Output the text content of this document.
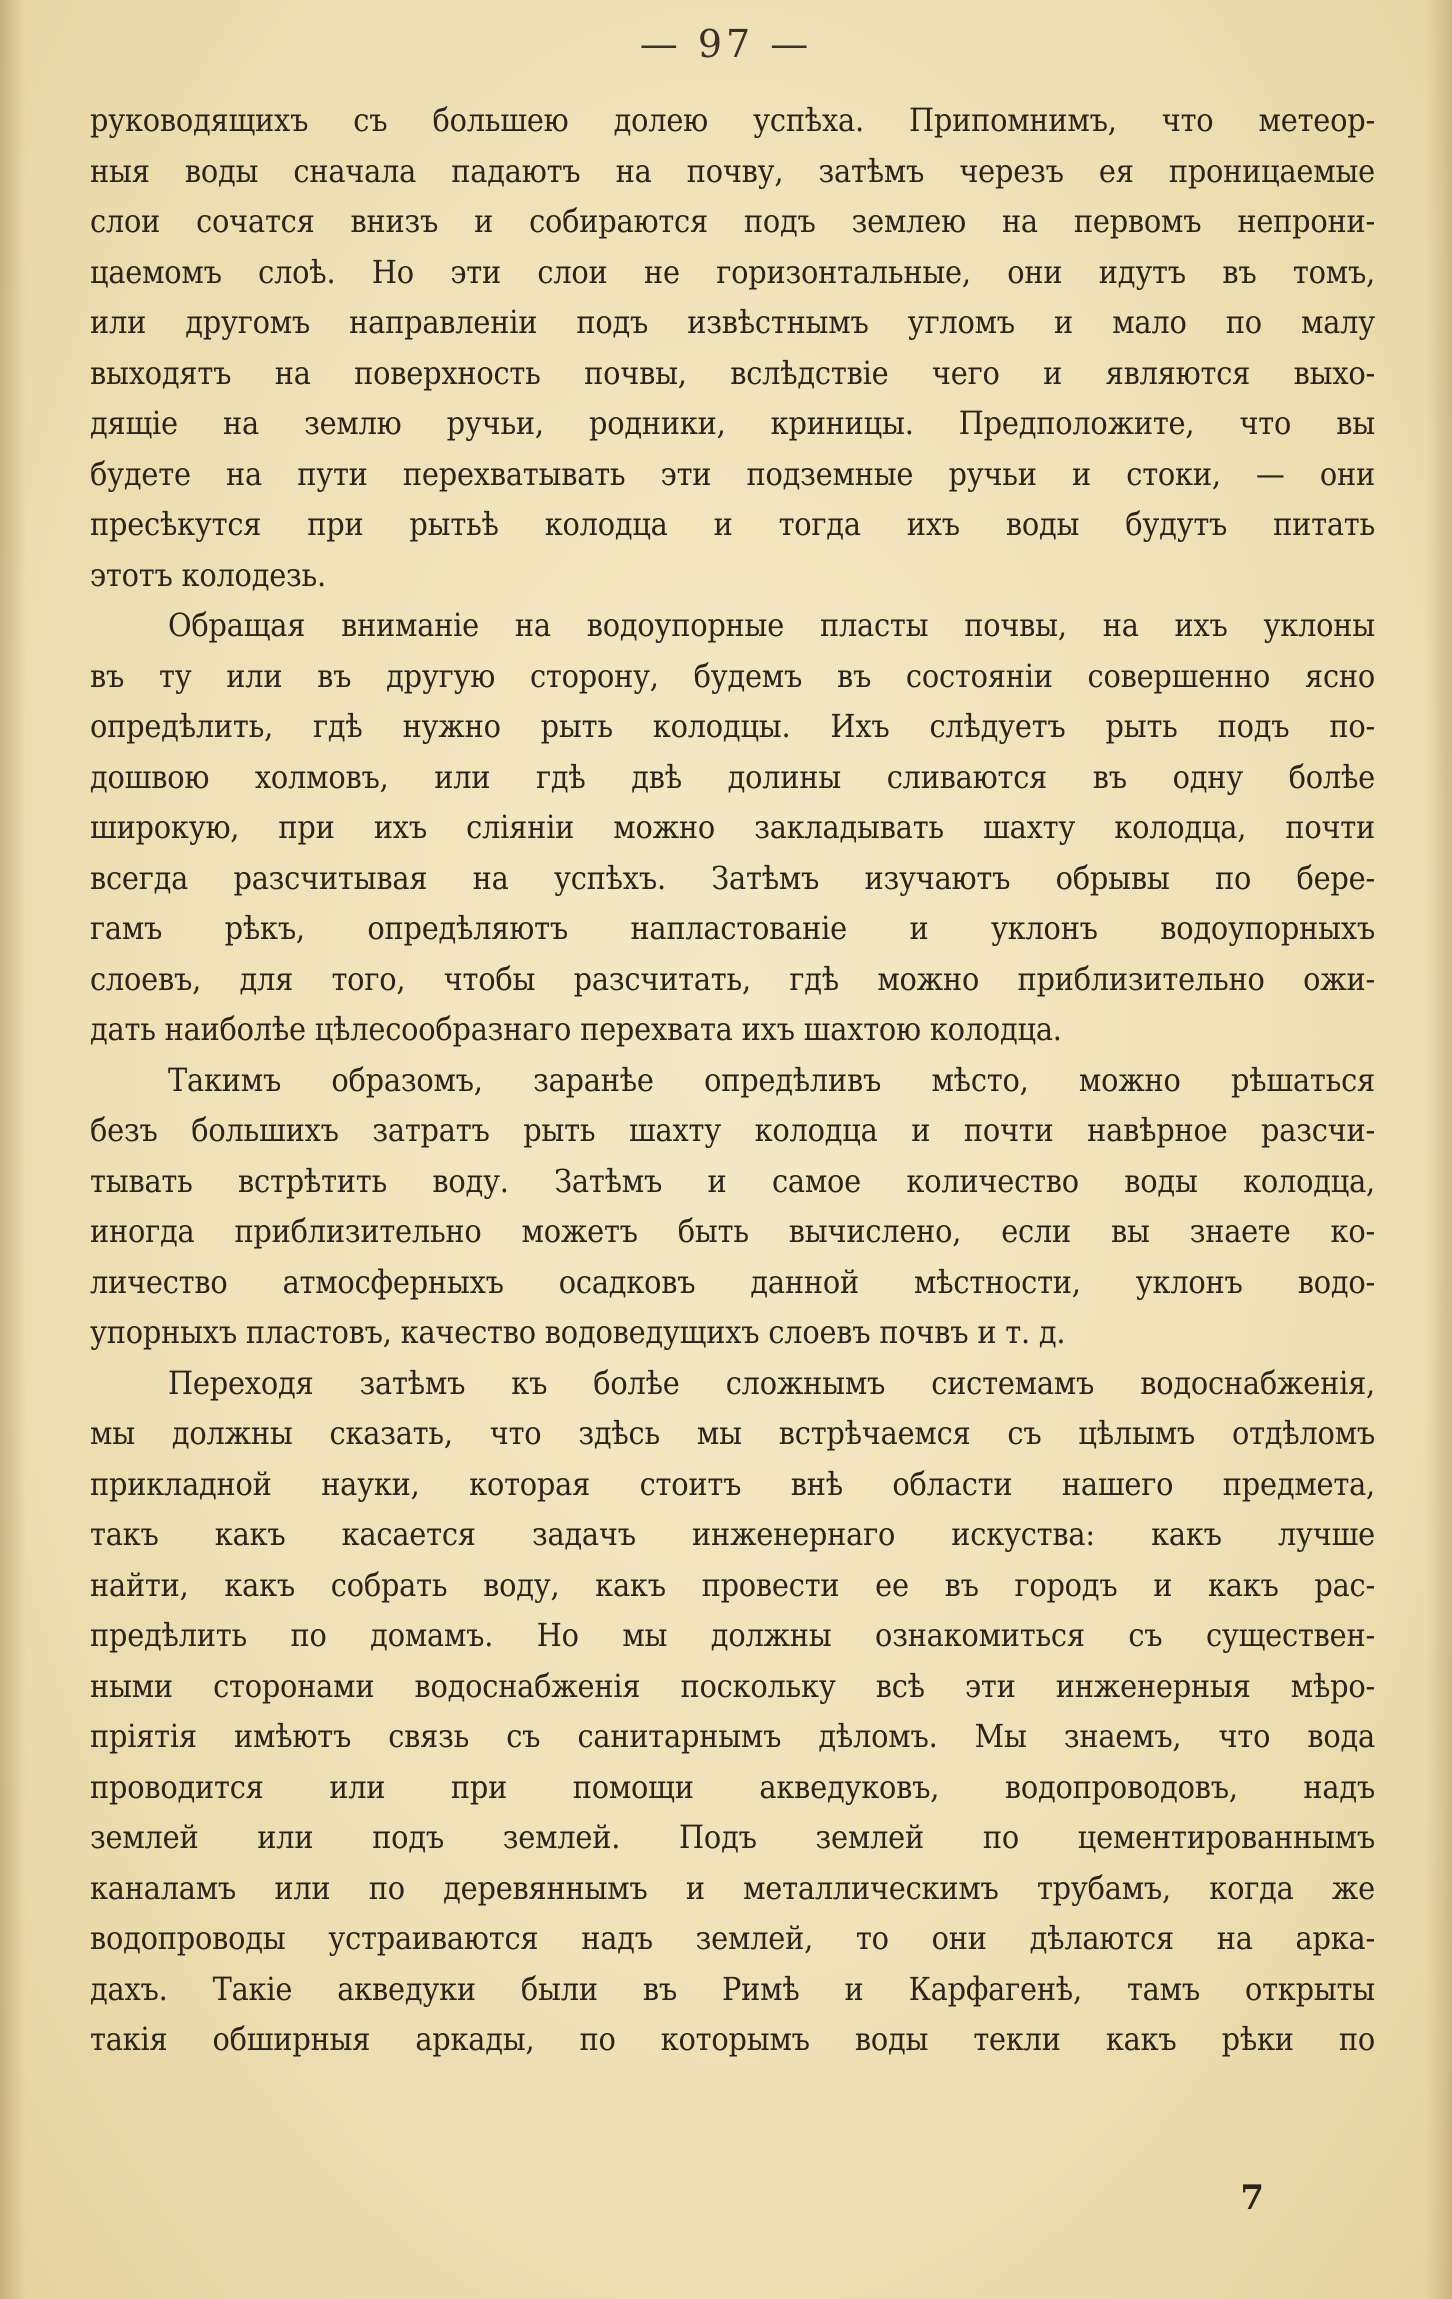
— 97 —
руководящихъ съ большею долею успѣха. Припомнимъ, что метеор-
ныя воды сначала падаютъ на почву, затѣмъ черезъ ея проницаемые
слои сочатся внизъ и собираются подъ землею на первомъ непрони-
цаемомъ слоѣ. Но эти слои не горизонтальные, они идутъ въ томъ,
или другомъ направленіи подъ извѣстнымъ угломъ и мало по малу
выходятъ на поверхность почвы, вслѣдствіе чего и являются выхо-
дящіе на землю ручьи, родники, криницы. Предположите, что вы
будете на пути перехватывать эти подземные ручьи и стоки, — они
пресѣкутся при рытьѣ колодца и тогда ихъ воды будутъ питать
этотъ колодезь.
Обращая вниманіе на водоупорные пласты почвы, на ихъ уклоны
въ ту или въ другую сторону, будемъ въ состояніи совершенно ясно
опредѣлить, гдѣ нужно рыть колодцы. Ихъ слѣдуетъ рыть подъ по-
дошвою холмовъ, или гдѣ двѣ долины сливаются въ одну болѣе
широкую, при ихъ сліяніи можно закладывать шахту колодца, почти
всегда разсчитывая на успѣхъ. Затѣмъ изучаютъ обрывы по бере-
гамъ рѣкъ, опредѣляютъ напластованіе и уклонъ водоупорныхъ
слоевъ, для того, чтобы разсчитать, гдѣ можно приблизительно ожи-
дать наиболѣе цѣлесообразнаго перехвата ихъ шахтою колодца.
Такимъ образомъ, заранѣе опредѣливъ мѣсто, можно рѣшаться
безъ большихъ затратъ рыть шахту колодца и почти навѣрное разсчи-
тывать встрѣтить воду. Затѣмъ и самое количество воды колодца,
иногда приблизительно можетъ быть вычислено, если вы знаете ко-
личество атмосферныхъ осадковъ данной мѣстности, уклонъ водо-
упорныхъ пластовъ, качество водоведущихъ слоевъ почвъ и т. д.
Переходя затѣмъ къ болѣе сложнымъ системамъ водоснабженія,
мы должны сказать, что здѣсь мы встрѣчаемся съ цѣлымъ отдѣломъ
прикладной науки, которая стоитъ внѣ области нашего предмета,
такъ какъ касается задачъ инженернаго искуства: какъ лучше
найти, какъ собрать воду, какъ провести ее въ городъ и какъ рас-
предѣлить по домамъ. Но мы должны ознакомиться съ существен-
ными сторонами водоснабженія поскольку всѣ эти инженерныя мѣро-
пріятія имѣютъ связь съ санитарнымъ дѣломъ. Мы знаемъ, что вода
проводится или при помощи акведуковъ, водопроводовъ, надъ
землей или подъ землей. Подъ землей по цементированнымъ
каналамъ или по деревяннымъ и металлическимъ трубамъ, когда же
водопроводы устраиваются надъ землей, то они дѣлаются на арка-
дахъ. Такіе акведуки были въ Римѣ и Карфагенѣ, тамъ открыты
такія обширныя аркады, по которымъ воды текли какъ рѣки по
7
